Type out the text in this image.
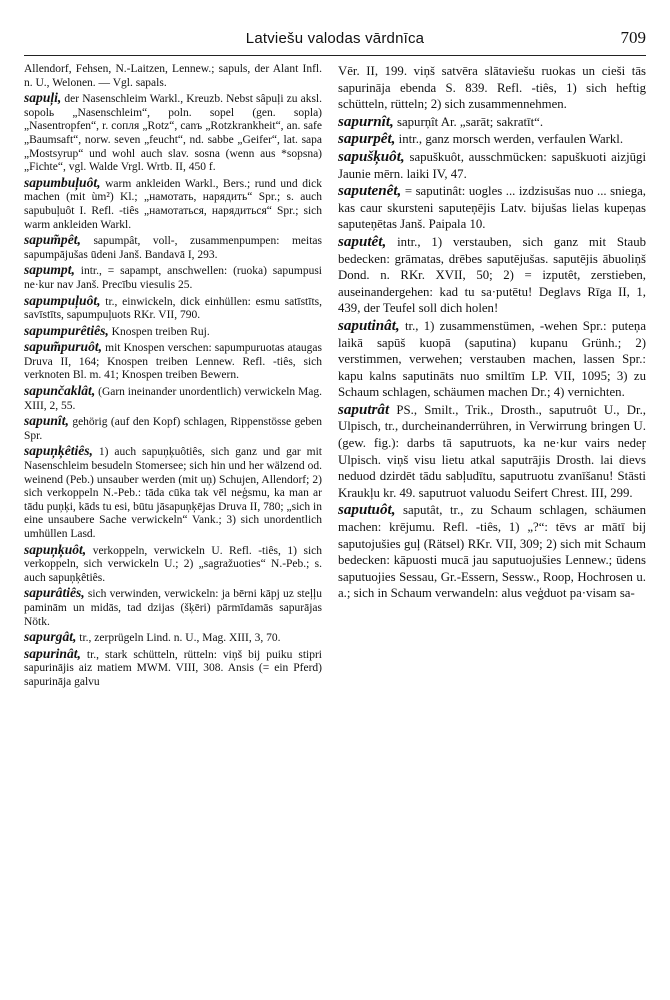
Latviešu valodas vārdnīca	709
Allendorf, Fehsen, N.-Laitzen, Lennew.; sapuls, der Alant Infl. n. U., Welonen. — Vgl. sapals.
sapuļi, der Nasenschleim Warkl., Kreuzb. Nebst sâpuļi zu aksl. sopolь „Nasenschleim“, poln. sopel (gen. sopla) „Nasentropfen“, r. сопля „Rotz“, canъ „Rotzkrankheit“, an. safe „Baumsaft“, norw. seven „feucht“, nd. sabbe „Geifer“, lat. sapa „Mostsyrup“ und wohl auch slav. sosna (wenn aus *sopsna) „Fichte“, vgl. Walde Vrgl. Wrtb. II, 450 f.
sapumbuļuôt, warm ankleiden Warkl., Bers.; rund und dick machen (mit ùm²) Kl.; „намотать, нарядить“ Spr.; s. auch sapubuļuôt I. Refl. -tiês „намотаться, нарядиться“ Spr.; sich warm ankleiden Warkl.
sapum̃pêt, sapumpât, voll-, zusammenpumpen: meitas sapumpājušas ūdeni Janš. Bandavā I, 293.
sapumpt, intr., = sapampt, anschwellen: (ruoka) sapumpusi ne·kur nav Janš. Precību viesulis 25.
sapumpuļuôt, tr., einwickeln, dick einhüllen: esmu satīstīts, savīstīts, sapumpuļuots RKr. VII, 790.
sapumpurêtiês, Knospen treiben Ruj.
sapum̃puruôt, mit Knospen verschen: sapumpuruotas ataugas Druva II, 164; Knospen treiben Lennew. Refl. -tiês, sich verknoten Bl. m. 41; Knospen treiben Bewern.
sapunčaklât, (Garn ineinander unordentlich) verwickeln Mag. XIII, 2, 55.
sapunît, gehörig (auf den Kopf) schlagen, Rippenstösse geben Spr.
sapuņķêtiês, 1) auch sapuņķuôtiês, sich ganz und gar mit Nasenschleim besudeln Stomersee; sich hin und her wälzend od. weinend (Peb.) unsauber werden (mit uņ) Schujen, Allendorf; 2) sich verkoppeln N.-Peb.: tāda cūka tak vēl neģsmu, ka man ar tādu puņķi, kāds tu esi, būtu jāsapuņķējas Druva II, 780; „sich in eine unsaubere Sache verwickeln“ Vank.; 3) sich unordentlich umhüllen Lasd.
sapuņķuôt, verkoppeln, verwickeln U. Refl. -tiês, 1) sich verkoppeln, sich verwickeln U.; 2) „sagražuoties“ N.-Peb.; s. auch sapuņķêtiês.
sapurâtiês, sich verwinden, verwickeln: ja bērni kāpj uz steļļu paminām un midās, tad dzijas (šķēri) pārmīdamās sapurājas Nötk.
sapurgât, tr., zerprügeln Lind. n. U., Mag. XIII, 3, 70.
sapurinât, tr., stark schütteln, rütteln: viņš bij puiku stipri sapurinājis aiz matiem MWM. VIII, 308. Ansis (= ein Pferd) sapurināja galvu
Vēr. II, 199. viņš satvēra slātaviešu ruokas un cieši tās sapurināja ebenda S. 839. Refl. -tiês, 1) sich heftig schütteln, rütteln; 2) sich zusammennehmen.
sapurnît, sapurņît Ar. „sarāt; sakratīt“.
sapurpêt, intr., ganz morsch werden, verfaulen Warkl.
sapušķuôt, sapuškuôt, ausschmücken: sapuškuoti aizjūgi Jaunie mērn. laiki IV, 47.
saputenêt, = saputinât: uogles ... izdzisušas nuo ... sniega, kas caur skursteni saputeņējis Latv. bijušas lielas kupeņas saputeņētas Janš. Paipala 10.
saputêt, intr., 1) verstauben, sich ganz mit Staub bedecken: grāmatas, drēbes saputējušas. saputējis ābuoliņš Dond. n. RKr. XVII, 50; 2) = izputêt, zerstieben, auseinandergehen: kad tu sa·putētu! Deglavs Rīga II, 1, 439, der Teufel soll dich holen!
saputinât, tr., 1) zusammenstümen, -wehen Spr.: puteņa laikā sapūš kuopā (saputina) kupanu Grünh.; 2) verstimmen, verwehen; verstauben machen, lassen Spr.: kapu kalns saputināts nuo smiltīm LP. VII, 1095; 3) zu Schaum schlagen, schäumen machen Dr.; 4) vernichten.
saputrât PS., Smilt., Trik., Drosth., saputruôt U., Dr., Ulpisch, tr., durcheinanderrühren, in Verwirrung bringen U. (gew. fig.): darbs tā saputruots, ka ne·kur vairs nedeŗ Ulpisch. viņš visu lietu atkal saputrājis Drosth. lai dievs neduod dzirdēt tādu sabļudītu, saputruotu zvanīšanu! Stāsti Kraukļu kr. 49. saputruot valuodu Seifert Chrest. III, 299.
saputuôt, saputât, tr., zu Schaum schlagen, schäumen machen: krējumu. Refl. -tiês, 1) „?“: tēvs ar mātī bij saputojušies guļ (Rätsel) RKr. VII, 309; 2) sich mit Schaum bedecken: kāpuosti mucā jau saputuojušies Lennew.; ūdens saputuojies Sessau, Gr.-Essern, Sessw., Roop, Hochrosen u. a.; sich in Schaum verwandeln: alus veģduot pa·visam sa-
